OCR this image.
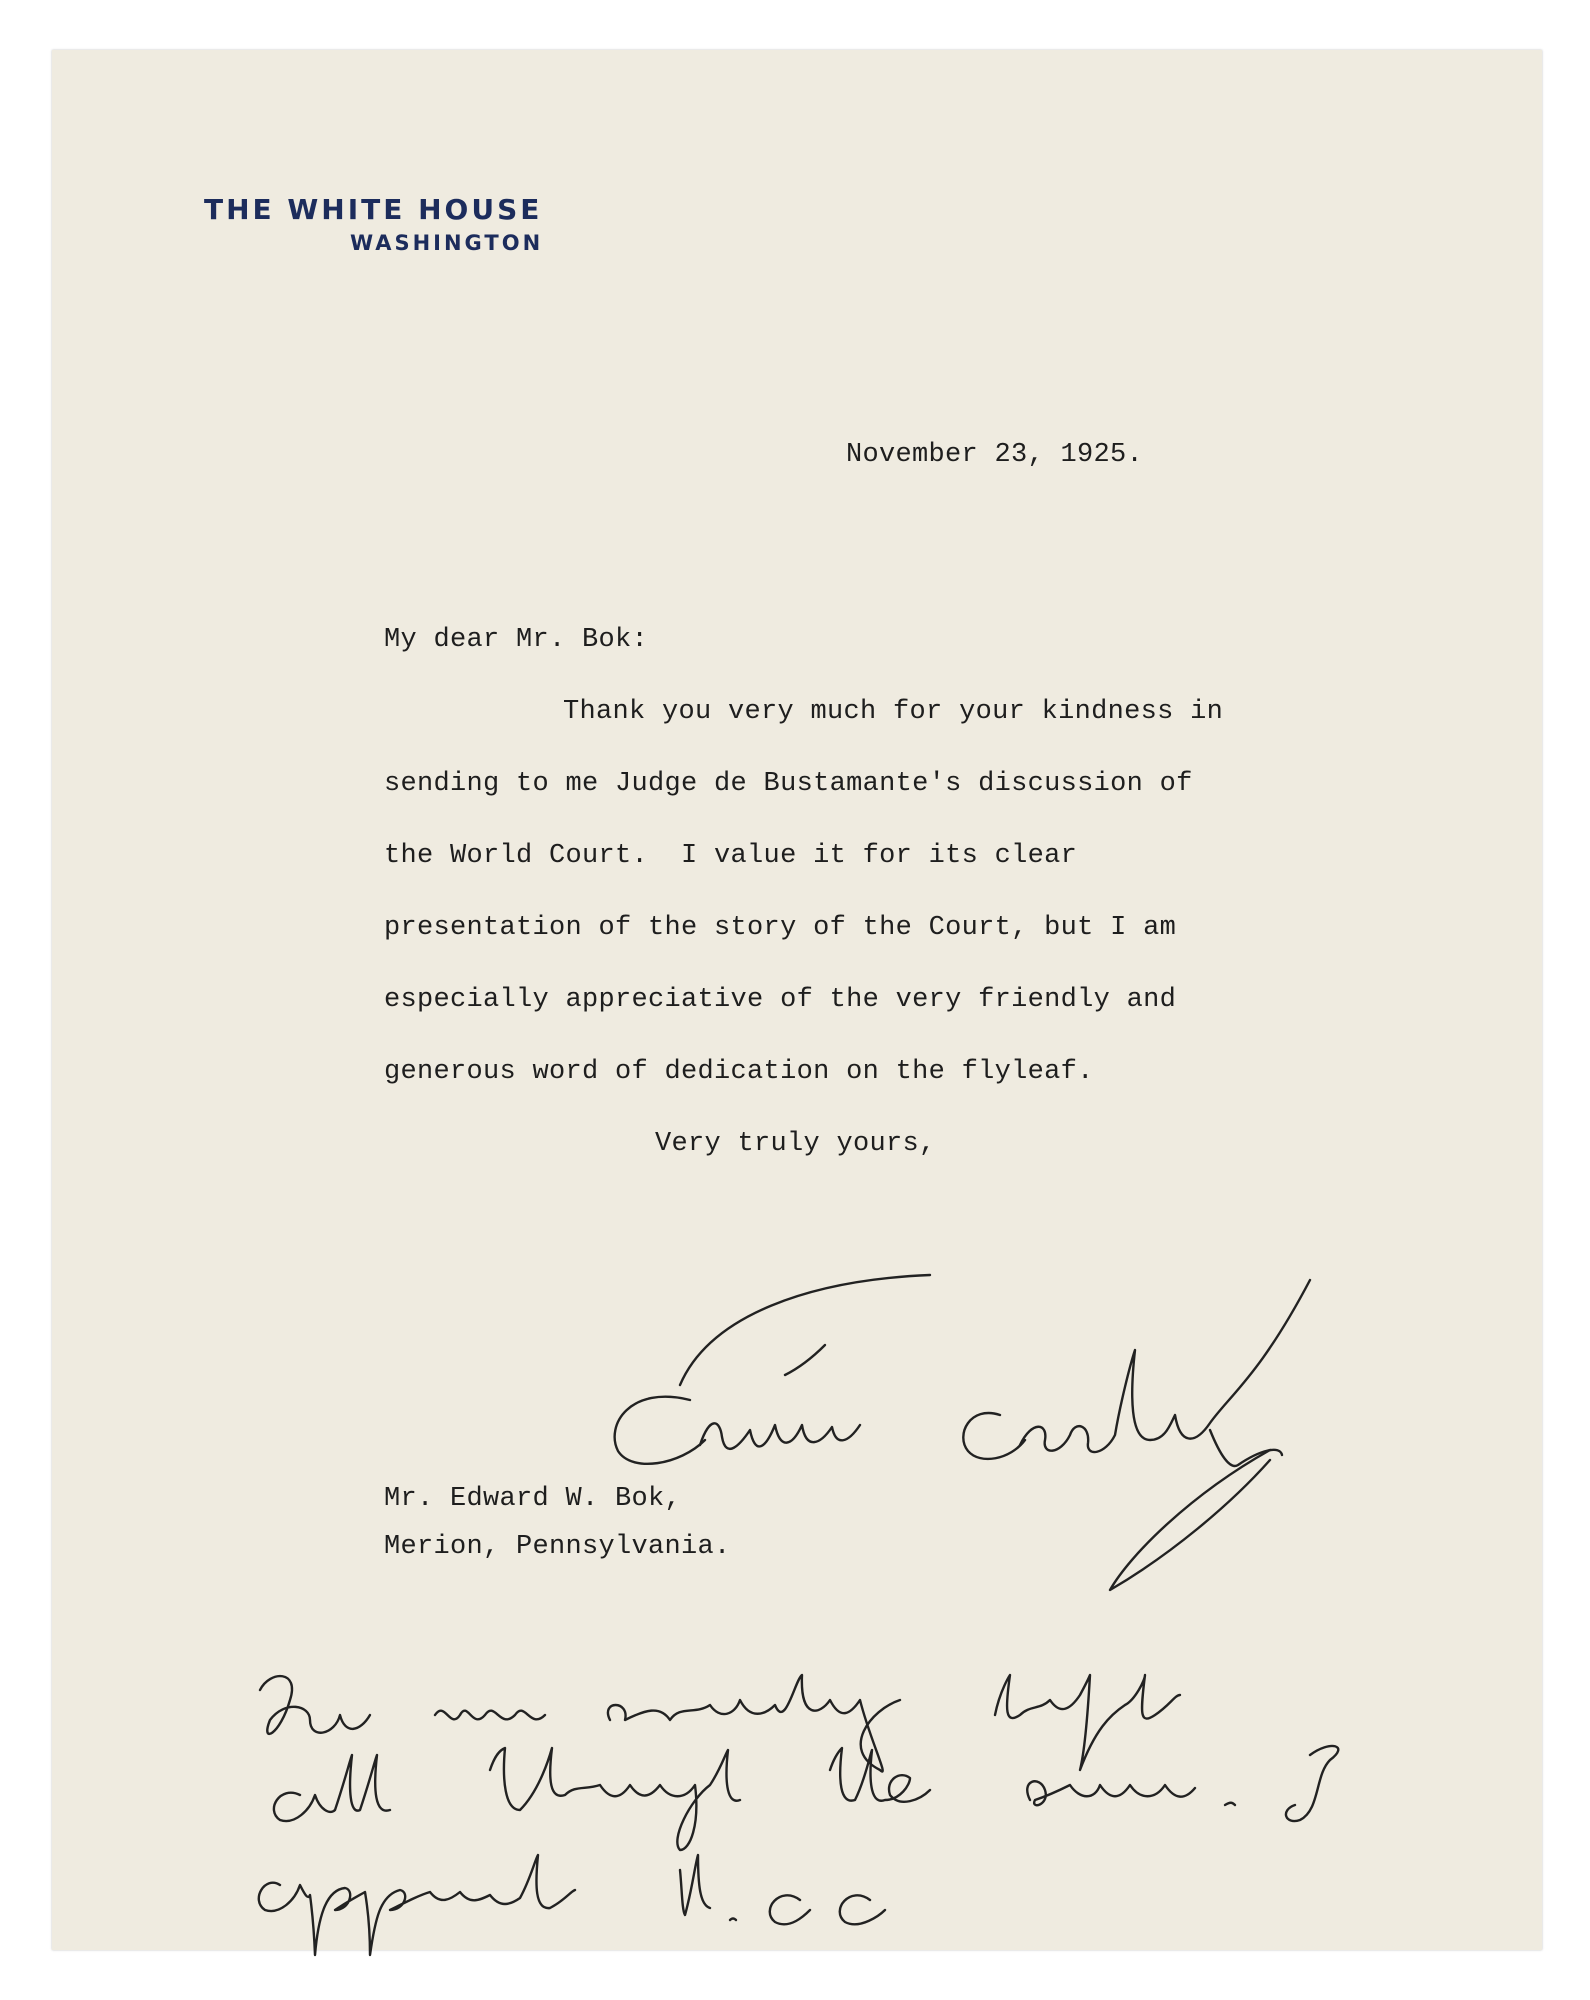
THE WHITE HOUSE

WASHINGTON

November 23, 1925.

My dear Mr. Bok:

Thank you very much for your kindness in

sending to me Judge de Bustamante's discussion of

the World Court.  I value it for its clear

presentation of the story of the Court, but I am

especially appreciative of the very friendly and

generous word of dedication on the flyleaf.

Very truly yours,

Mr. Edward W. Bok,

Merion, Pennsylvania.
